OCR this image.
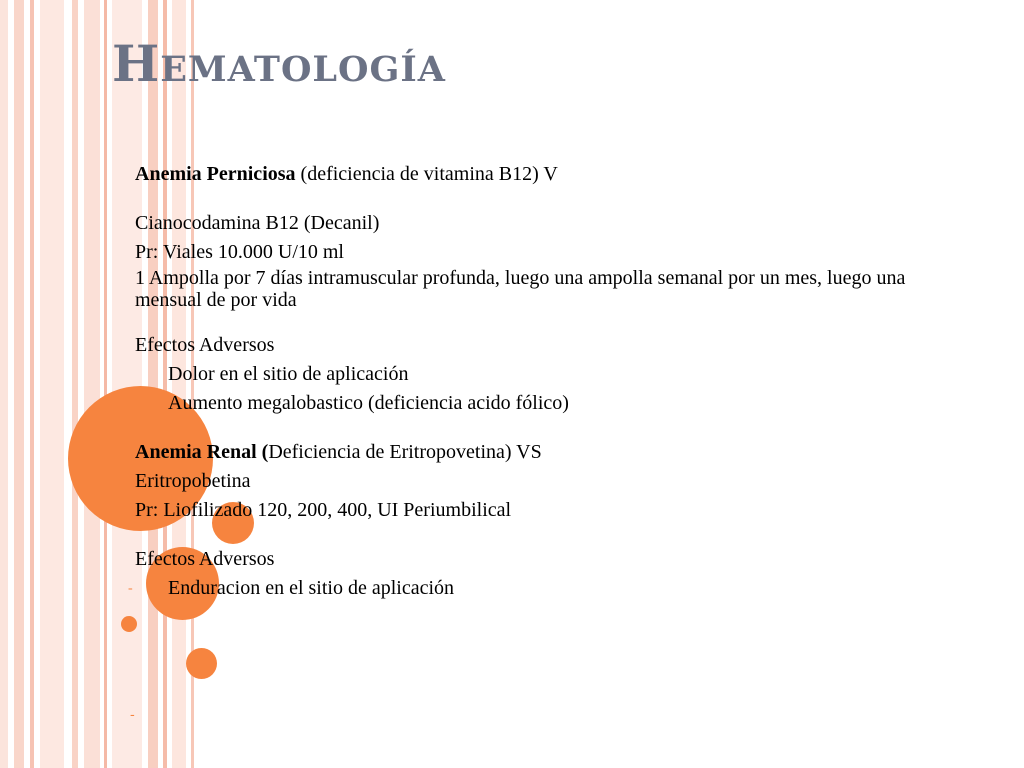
Hematología

Anemia Perniciosa (deficiencia de vitamina B12) V

Cianocodamina B12 (Decanil)

Pr: Viales 10.000 U/10 ml

1 Ampolla por 7 días intramuscular profunda, luego una ampolla semanal por un mes, luego una mensual de por vida

Efectos Adversos

Dolor en el sitio de aplicación

Aumento megalobastico (deficiencia acido fólico)

Anemia Renal (Deficiencia de Eritropovetina) VS

Eritropobetina

Pr: Liofilizado 120, 200, 400, UI Periumbilical

Efectos Adversos

- Enduracion en el sitio de aplicación

-
